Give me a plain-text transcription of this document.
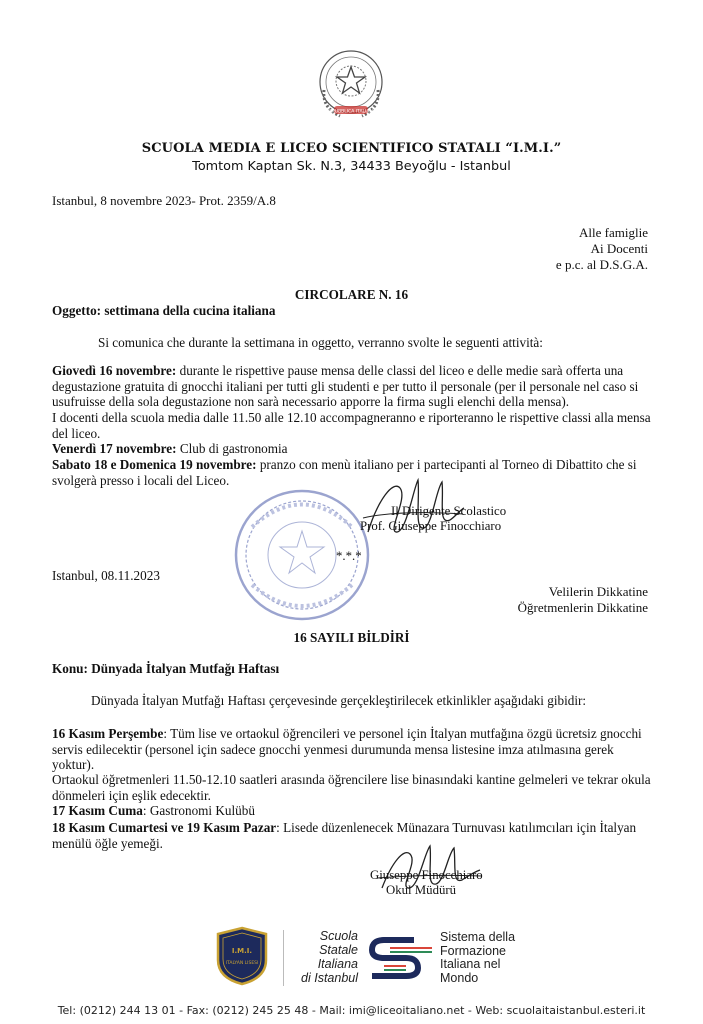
REPUBBLICA ITALIANA
SCUOLA MEDIA E LICEO SCIENTIFICO STATALI “I.M.I.”
Tomtom Kaptan Sk. N.3, 34433 Beyoğlu - Istanbul
Istanbul, 8 novembre 2023- Prot. 2359/A.8
Alle famiglie
Ai Docenti
e p.c. al D.S.G.A.
CIRCOLARE N. 16
Oggetto: settimana della cucina italiana
Si comunica che durante la settimana in oggetto, verranno svolte le seguenti attività:
Giovedì 16 novembre: durante le rispettive pause mensa delle classi del liceo e delle medie sarà offerta una degustazione gratuita di gnocchi italiani per tutti gli studenti e per tutto il personale (per il personale nel caso si usufruisse della sola degustazione non sarà necessario apporre la firma sugli elenchi della mensa).
I docenti della scuola media dalle 11.50 alle 12.10 accompagneranno e riporteranno le rispettive classi alla mensa del liceo.
Venerdì 17 novembre: Club di gastronomia
Sabato 18 e Domenica 19 novembre: pranzo con menù italiano per i partecipanti al Torneo di Dibattito che si svolgerà presso i locali del Liceo.
Il Dirigente Scolastico
Prof. Giuseppe Finocchiaro
*.*.*
Istanbul, 08.11.2023
Velilerin Dikkatine
Öğretmenlerin Dikkatine
16 SAYILI BİLDİRİ
Konu: Dünyada İtalyan Mutfağı Haftası
Dünyada İtalyan Mutfağı Haftası çerçevesinde gerçekleştirilecek etkinlikler aşağıdaki gibidir:
16 Kasım Perşembe: Tüm lise ve ortaokul öğrencileri ve personel için İtalyan mutfağına özgü ücretsiz gnocchi servis edilecektir (personel için sadece gnocchi yenmesi durumunda mensa listesine imza atılmasına gerek yoktur).
Ortaokul öğretmenleri 11.50-12.10 saatleri arasında öğrencilere lise binasındaki kantine gelmeleri ve tekrar okula dönmeleri için eşlik edecektir.
17 Kasım Cuma: Gastronomi Kulübü
18 Kasım Cumartesi ve 19 Kasım Pazar: Lisede düzenlenecek Münazara Turnuvası katılımcıları için İtalyan menülü öğle yemeği.
Giuseppe Finocchiaro
Okul Müdürü
I.M.I.
ITALYAN LISESI
Scuola
Statale
Italiana
di Istanbul
Sistema della
Formazione
Italiana nel
Mondo
Tel: (0212) 244 13 01 - Fax: (0212) 245 25 48 - Mail: imi@liceoitaliano.net - Web: scuolaitaistanbul.esteri.it
